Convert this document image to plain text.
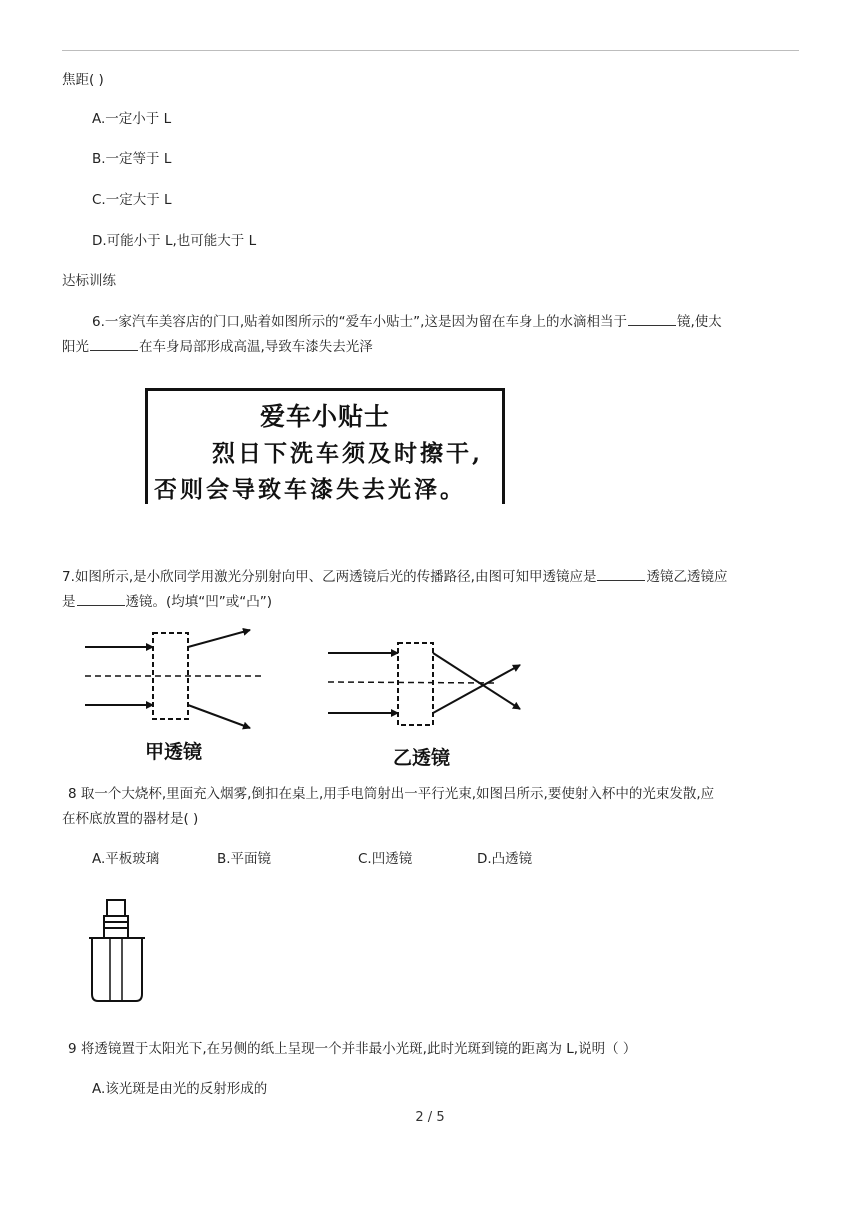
焦距( )
A.一定小于 L
B.一定等于 L
C.一定大于 L
D.可能小于 L,也可能大于 L
达标训练
6.一家汽车美容店的门口,贴着如图所示的“爱车小贴士”,这是因为留在车身上的水滴相当于	镜,使太
阳光	在车身局部形成高温,导致车漆失去光泽
爱车小贴士
烈日下洗车须及时擦干,
否则会导致车漆失去光泽。
7.如图所示,是小欣同学用激光分别射向甲、乙两透镜后光的传播路径,由图可知甲透镜应是	透镜乙透镜应
是	透镜。(均填“凹”或“凸”)
甲透镜	乙透镜
8 取一个大烧杯,里面充入烟雾,倒扣在桌上,用手电筒射出一平行光束,如图吕所示,要使射入杯中的光束发散,应
在杯底放置的器材是( )
A.平板玻璃	B.平面镜	C.凹透镜	D.凸透镜
9 将透镜置于太阳光下,在另侧的纸上呈现一个并非最小光斑,此时光斑到镜的距离为 L,说明（ ）
A.该光斑是由光的反射形成的
2 / 5
